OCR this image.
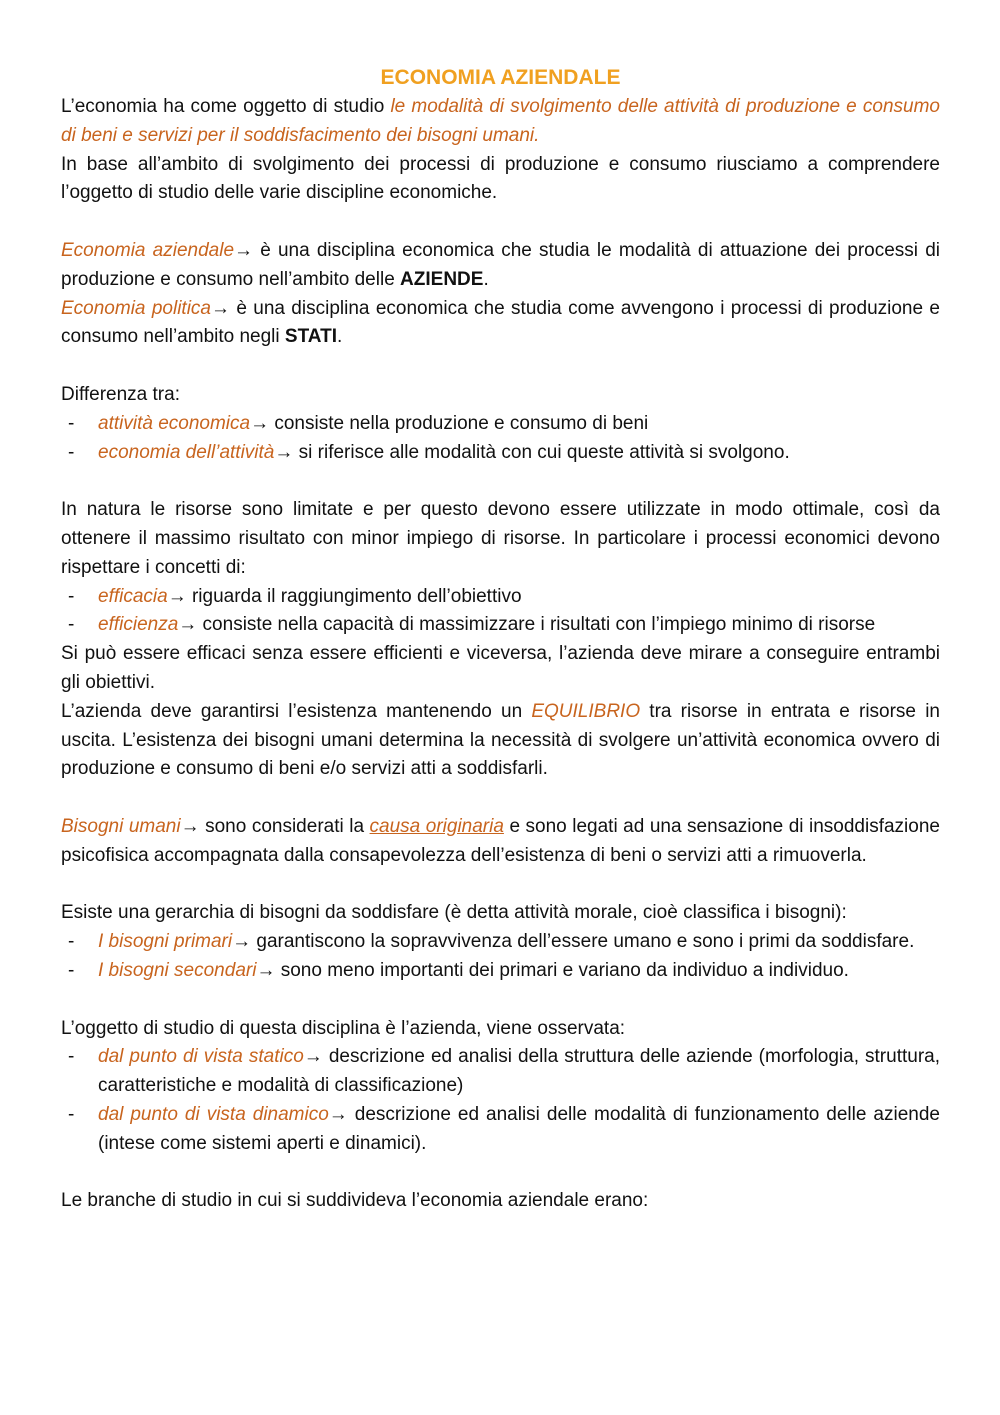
ECONOMIA AZIENDALE

L’economia ha come oggetto di studio le modalità di svolgimento delle attività di produzione e consumo di beni e servizi per il soddisfacimento dei bisogni umani.

In base all’ambito di svolgimento dei processi di produzione e consumo riusciamo a comprendere l’oggetto di studio delle varie discipline economiche.

Economia aziendale→ è una disciplina economica che studia le modalità di attuazione dei processi di produzione e consumo nell’ambito delle AZIENDE.

Economia politica→ è una disciplina economica che studia come avvengono i processi di produzione e consumo nell’ambito negli STATI.

Differenza tra:

- attività economica→ consiste nella produzione e consumo di beni
- economia dell’attività→ si riferisce alle modalità con cui queste attività si svolgono.

In natura le risorse sono limitate e per questo devono essere utilizzate in modo ottimale, così da ottenere il massimo risultato con minor impiego di risorse. In particolare i processi economici devono rispettare i concetti di:

- efficacia→ riguarda il raggiungimento dell’obiettivo
- efficienza→ consiste nella capacità di massimizzare i risultati con l’impiego minimo di risorse

Si può essere efficaci senza essere efficienti e viceversa, l’azienda deve mirare a conseguire entrambi gli obiettivi.

L’azienda deve garantirsi l’esistenza mantenendo un EQUILIBRIO tra risorse in entrata e risorse in uscita. L’esistenza dei bisogni umani determina la necessità di svolgere un’attività economica ovvero di produzione e consumo di beni e/o servizi atti a soddisfarli.

Bisogni umani→ sono considerati la causa originaria e sono legati ad una sensazione di insoddisfazione psicofisica accompagnata dalla consapevolezza dell’esistenza di beni o servizi atti a rimuoverla.

Esiste una gerarchia di bisogni da soddisfare (è detta attività morale, cioè classifica i bisogni):

- I bisogni primari→ garantiscono la sopravvivenza dell’essere umano e sono i primi da soddisfare.
- I bisogni secondari→ sono meno importanti dei primari e variano da individuo a individuo.

L’oggetto di studio di questa disciplina è l’azienda, viene osservata:

- dal punto di vista statico→ descrizione ed analisi della struttura delle aziende (morfologia, struttura, caratteristiche e modalità di classificazione)
- dal punto di vista dinamico→ descrizione ed analisi delle modalità di funzionamento delle aziende (intese come sistemi aperti e dinamici).

Le branche di studio in cui si suddivideva l’economia aziendale erano:
